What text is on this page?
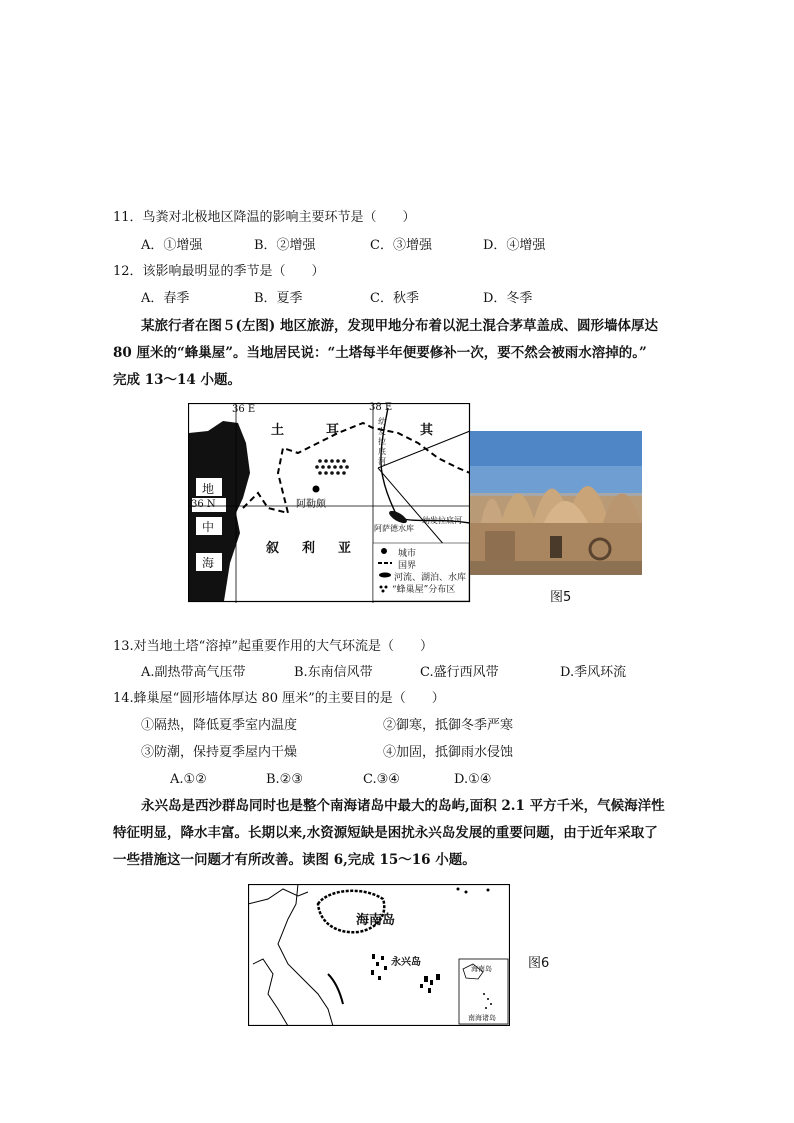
11．鸟粪对北极地区降温的影响主要环节是（　　）
A．①增强	B．②增强	C．③增强	D．④增强
12．该影响最明显的季节是（　　）
A．春季	B．夏季	C．秋季	D．冬季
某旅行者在图５(左图) 地区旅游，发现甲地分布着以泥土混合茅草盖成、圆形墙体厚达
80 厘米的“蜂巢屋”。当地居民说：“土塔每半年便要修补一次，要不然会被雨水溶掉的。”
完成 13～14 小题。
36 E	38 E
36 N
土	耳	其
叙 利 亚
地
中
海
阿勒颇
阿萨德水库
幼发拉底河
幼
发
拉
底
河
城市
国界
河流、湖泊、水库
“蜂巢屋”分布区	图5
13.对当地土塔“溶掉”起重要作用的大气环流是（　　）
A.副热带高气压带	B.东南信风带	C.盛行西风带	D.季风环流
14.蜂巢屋“圆形墙体厚达 80 厘米”的主要目的是（　　）
①隔热，降低夏季室内温度	②御寒，抵御冬季严寒
③防潮，保持夏季屋内干燥	④加固，抵御雨水侵蚀
A.①②	B.②③	C.③④	D.①④
永兴岛是西沙群岛同时也是整个南海诸岛中最大的岛屿,面积 2.1 平方千米，气候海洋性
特征明显，降水丰富。长期以来,水资源短缺是困扰永兴岛发展的重要问题，由于近年采取了
一些措施这一问题才有所改善。读图 6,完成 15～16 小题。
海南岛
永兴岛
海南岛
南海诸岛
图6
